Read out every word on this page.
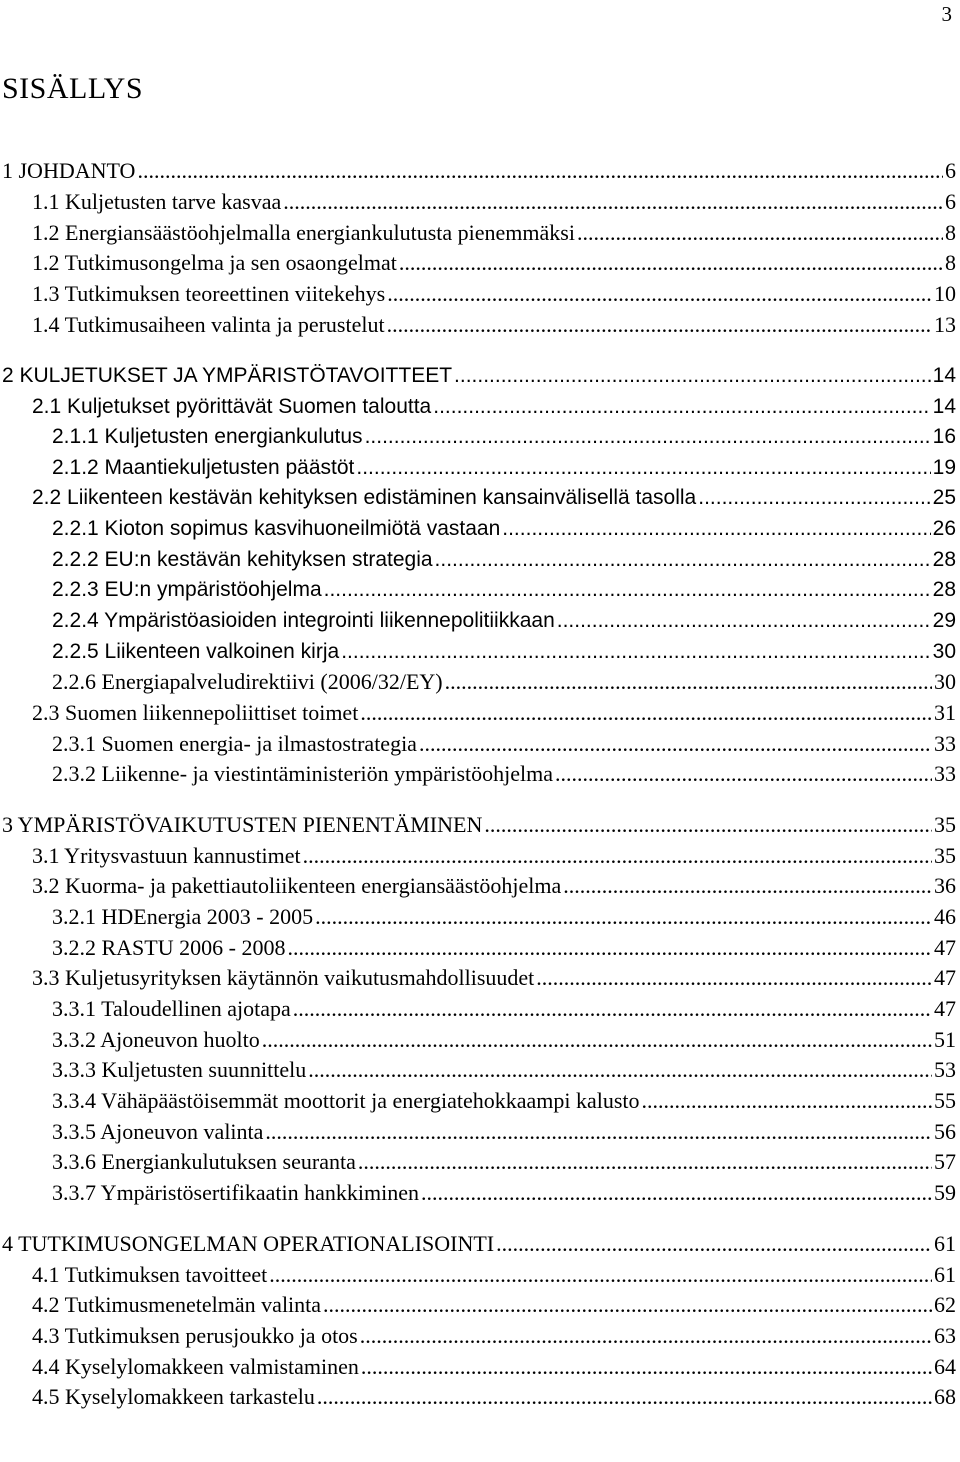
3
SISÄLLYS
1 JOHDANTO .....	6
1.1 Kuljetusten tarve kasvaa .....	6
1.2 Energiansäästöohjelmalla energiankulutusta pienemmäksi .....	8
1.2 Tutkimusongelma ja sen osaongelmat .....	8
1.3 Tutkimuksen teoreettinen viitekehys .....	10
1.4 Tutkimusaiheen valinta ja perustelut .....	13
2 KULJETUKSET JA YMPÄRISTÖTAVOITTEET .....	14
2.1 Kuljetukset pyörittävät Suomen taloutta .....	14
2.1.1 Kuljetusten energiankulutus .....	16
2.1.2 Maantiekuljetusten päästöt .....	19
2.2 Liikenteen kestävän kehityksen edistäminen kansainvälisellä tasolla .....	25
2.2.1 Kioton sopimus kasvihuoneilmiötä vastaan .....	26
2.2.2 EU:n kestävän kehityksen strategia .....	28
2.2.3 EU:n ympäristöohjelma .....	28
2.2.4 Ympäristöasioiden integrointi liikennepolitiikkaan .....	29
2.2.5 Liikenteen valkoinen kirja .....	30
2.2.6 Energiapalveludirektiivi (2006/32/EY) .....	30
2.3 Suomen liikennepoliittiset toimet .....	31
2.3.1 Suomen energia- ja ilmastostrategia .....	33
2.3.2 Liikenne- ja viestintäministeriön ympäristöohjelma .....	33
3 YMPÄRISTÖVAIKUTUSTEN PIENENTÄMINEN .....	35
3.1 Yritysvastuun kannustimet .....	35
3.2 Kuorma- ja pakettiautoliikenteen energiansäästöohjelma .....	36
3.2.1 HDEnergia 2003 - 2005 .....	46
3.2.2 RASTU 2006 - 2008 .....	47
3.3 Kuljetusyrityksen käytännön vaikutusmahdollisuudet .....	47
3.3.1 Taloudellinen ajotapa .....	47
3.3.2 Ajoneuvon huolto .....	51
3.3.3 Kuljetusten suunnittelu .....	53
3.3.4 Vähäpäästöisemmät moottorit ja energiatehokkaampi kalusto .....	55
3.3.5 Ajoneuvon valinta .....	56
3.3.6 Energiankulutuksen seuranta .....	57
3.3.7 Ympäristösertifikaatin hankkiminen .....	59
4 TUTKIMUSONGELMAN OPERATIONALISOINTI .....	61
4.1 Tutkimuksen tavoitteet .....	61
4.2 Tutkimusmenetelmän valinta .....	62
4.3 Tutkimuksen perusjoukko ja otos .....	63
4.4 Kyselylomakkeen valmistaminen .....	64
4.5 Kyselylomakkeen tarkastelu .....	68
